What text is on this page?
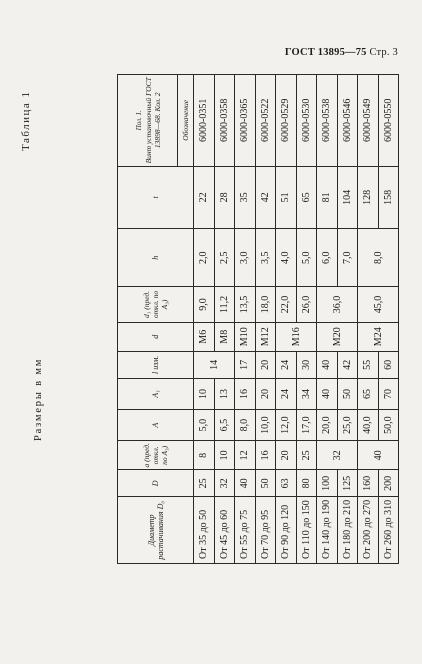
ГОСТ 13895—75 Стр. 3
Таблица 1
Размеры в мм
Диаметр растачивания D₀	D	a (пред. откл. по A₃)	A	A₁	l изм.	d	d₁ (пред. откл. по A₃)	h	t	Пол. 1.
Винт установочный ГОСТ 13898—68. Кол. 2
										Обозначение
От 35 до 50	25	8	5,0	10	14	М6	9,0	2,0	22	6000-0351
От 45 до 60	32	10	6,5	13		М8	11,2	2,5	28	6000-0358
От 55 до 75	40	12	8,0	16	17	М10	13,5	3,0	35	6000-0365
От 70 до 95	50	16	10,0	20	20	М12	18,0	3,5	42	6000-0522
От 90 до 120	63	20	12,0	24	24	М16	22,0	4,0	51	6000-0529
От 110 до 150	80	25	17,0	34	30		26,0	5,0	65	6000-0530
От 140 до 190	100	32	20,0	40	40	М20	36,0	6,0	81	6000-0538
От 180 до 210	125		25,0	50	42			7,0	104	6000-0546
От 200 до 270	160	40	40,0	65	55	М24	45,0	8,0	128	6000-0549
От 260 до 310	200		50,0	70	60				158	6000-0550
